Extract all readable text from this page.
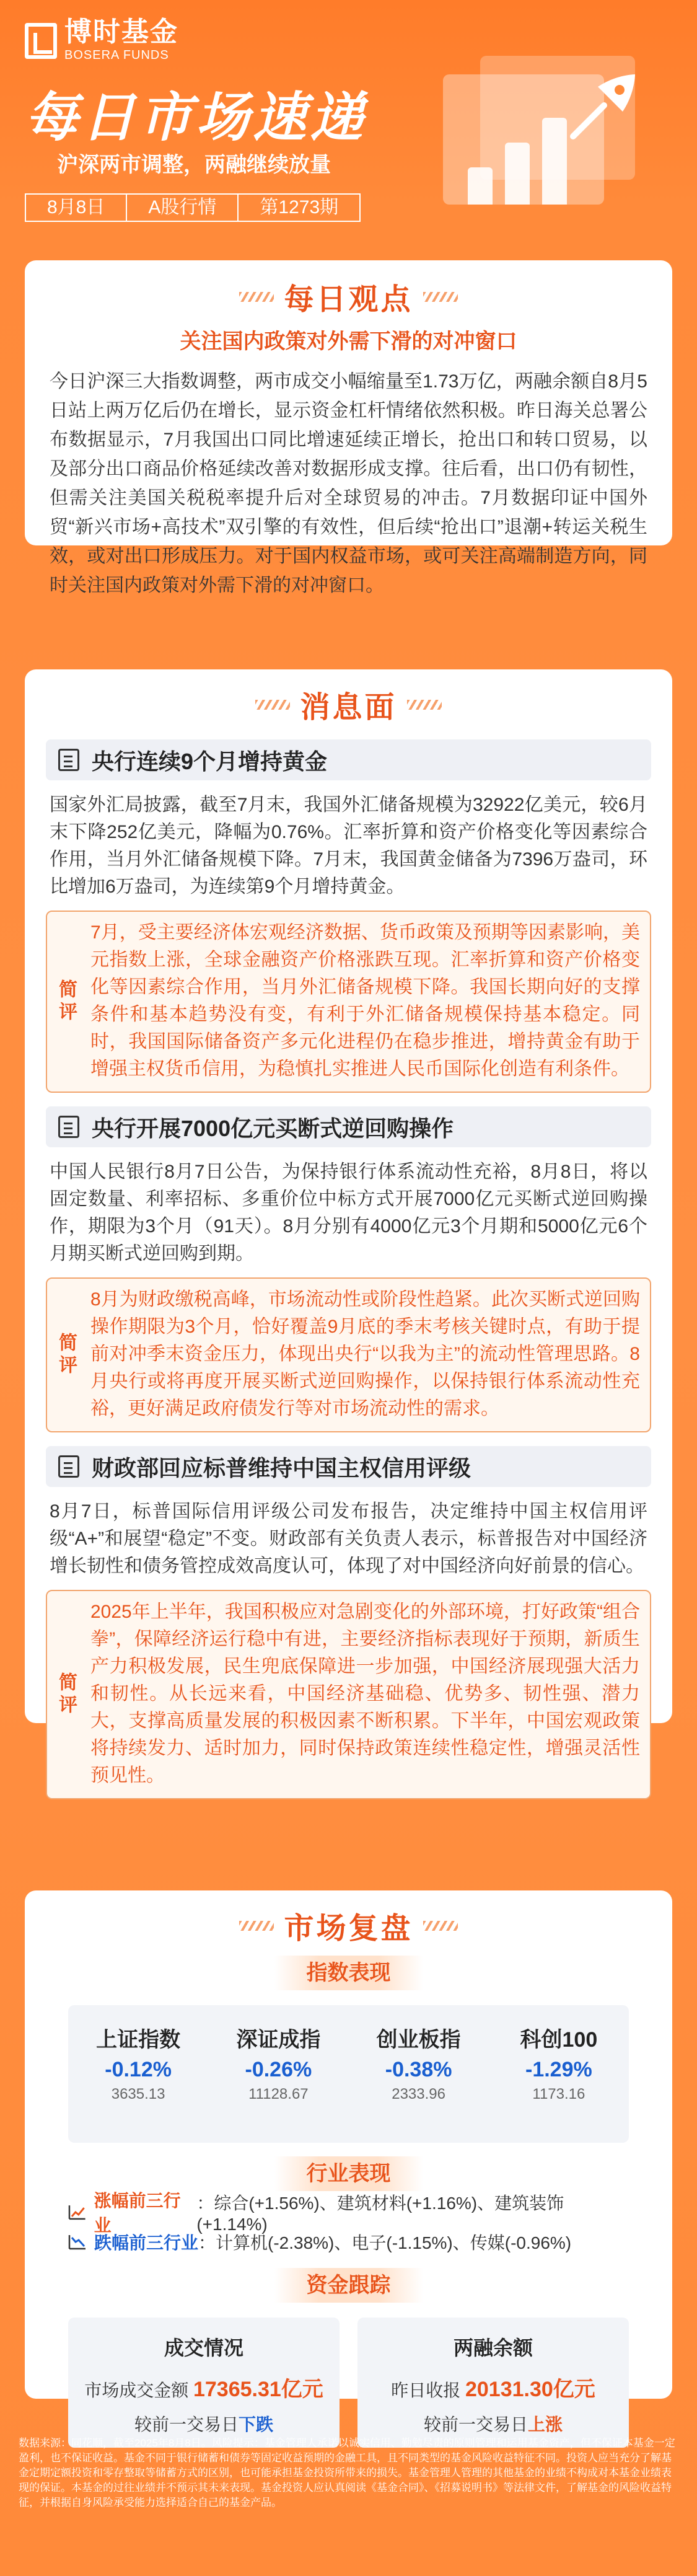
博时基金
BOSERA FUNDS
每日市场速递
沪深两市调整，两融继续放量
8月8日	A股行情	第1273期
每日观点
关注国内政策对外需下滑的对冲窗口
今日沪深三大指数调整，两市成交小幅缩量至1.73万亿，两融余额自8月5日站上两万亿后仍在增长，显示资金杠杆情绪依然积极。昨日海关总署公布数据显示，7月我国出口同比增速延续正增长，抢出口和转口贸易，以及部分出口商品价格延续改善对数据形成支撑。往后看，出口仍有韧性，但需关注美国关税税率提升后对全球贸易的冲击。7月数据印证中国外贸“新兴市场+高技术”双引擎的有效性，但后续“抢出口”退潮+转运关税生效，或对出口形成压力。对于国内权益市场，或可关注高端制造方向，同时关注国内政策对外需下滑的对冲窗口。
消息面
央行连续9个月增持黄金
国家外汇局披露，截至7月末，我国外汇储备规模为32922亿美元，较6月末下降252亿美元，降幅为0.76%。汇率折算和资产价格变化等因素综合作用，当月外汇储备规模下降。7月末，我国黄金储备为7396万盎司，环比增加6万盎司，为连续第9个月增持黄金。
简评
7月，受主要经济体宏观经济数据、货币政策及预期等因素影响，美元指数上涨，全球金融资产价格涨跌互现。汇率折算和资产价格变化等因素综合作用，当月外汇储备规模下降。我国长期向好的支撑条件和基本趋势没有变，有利于外汇储备规模保持基本稳定。同时，我国国际储备资产多元化进程仍在稳步推进，增持黄金有助于增强主权货币信用，为稳慎扎实推进人民币国际化创造有利条件。
央行开展7000亿元买断式逆回购操作
中国人民银行8月7日公告，为保持银行体系流动性充裕，8月8日，将以固定数量、利率招标、多重价位中标方式开展7000亿元买断式逆回购操作，期限为3个月（91天）。8月分别有4000亿元3个月期和5000亿元6个月期买断式逆回购到期。
简评
8月为财政缴税高峰，市场流动性或阶段性趋紧。此次买断式逆回购操作期限为3个月，恰好覆盖9月底的季末考核关键时点，有助于提前对冲季末资金压力，体现出央行“以我为主”的流动性管理思路。8月央行或将再度开展买断式逆回购操作，以保持银行体系流动性充裕，更好满足政府债发行等对市场流动性的需求。
财政部回应标普维持中国主权信用评级
8月7日，标普国际信用评级公司发布报告，决定维持中国主权信用评级“A+”和展望“稳定”不变。财政部有关负责人表示，标普报告对中国经济增长韧性和债务管控成效高度认可，体现了对中国经济向好前景的信心。
简评
2025年上半年，我国积极应对急剧变化的外部环境，打好政策“组合拳”，保障经济运行稳中有进，主要经济指标表现好于预期，新质生产力积极发展，民生兜底保障进一步加强，中国经济展现强大活力和韧性。从长远来看，中国经济基础稳、优势多、韧性强、潜力大，支撑高质量发展的积极因素不断积累。下半年，中国宏观政策将持续发力、适时加力，同时保持政策连续性稳定性，增强灵活性预见性。
市场复盘
指数表现
上证指数
-0.12%
3635.13
深证成指
-0.26%
11128.67
创业板指
-0.38%
2333.96
科创100
-1.29%
1173.16
行业表现
涨幅前三行业
：综合(+1.56%)、建筑材料(+1.16%)、建筑装饰(+1.14%)
跌幅前三行业 ：计算机(-2.38%)、电子(-1.15%)、传媒(-0.96%)
资金跟踪
成交情况
市场成交金额 17365.31亿元
较前一交易日下跌
两融余额
昨日收报 20131.30亿元
较前一交易日上涨
数据来源：同花顺，截至2025年8月8日。风险提示：基金管理人承诺以诚实信用、勤勉尽责的原则管理和运用基金资产，但不保证本基金一定盈利，也不保证收益。基金不同于银行储蓄和债券等固定收益预期的金融工具，且不同类型的基金风险收益特征不同。投资人应当充分了解基金定期定额投资和零存整取等储蓄方式的区别，也可能承担基金投资所带来的损失。基金管理人管理的其他基金的业绩不构成对本基金业绩表现的保证。本基金的过往业绩并不预示其未来表现。基金投资人应认真阅读《基金合同》、《招募说明书》等法律文件，了解基金的风险收益特征，并根据自身风险承受能力选择适合自己的基金产品。
